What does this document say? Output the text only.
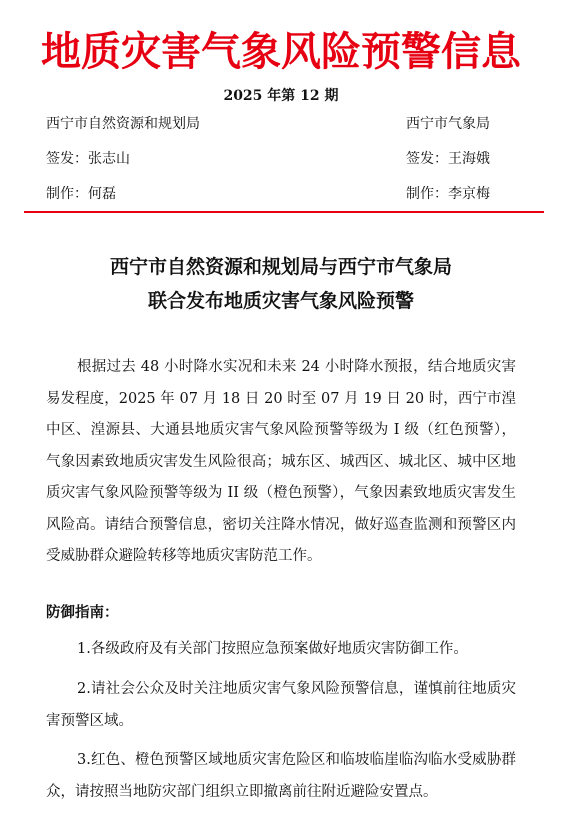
地质灾害气象风险预警信息
2025 年第 12 期
西宁市自然资源和规划局	西宁市气象局
签发：张志山	签发：王海娥
制作：何磊	制作：李京梅
西宁市自然资源和规划局与西宁市气象局
联合发布地质灾害气象风险预警
根据过去 48 小时降水实况和未来 24 小时降水预报，结合地质灾害易发程度，2025 年 07 月 18 日 20 时至 07 月 19 日 20 时，西宁市湟中区、湟源县、大通县地质灾害气象风险预警等级为 I 级（红色预警），气象因素致地质灾害发生风险很高；城东区、城西区、城北区、城中区地质灾害气象风险预警等级为 II 级（橙色预警），气象因素致地质灾害发生风险高。请结合预警信息，密切关注降水情况，做好巡查监测和预警区内受威胁群众避险转移等地质灾害防范工作。
防御指南：
1.各级政府及有关部门按照应急预案做好地质灾害防御工作。
2.请社会公众及时关注地质灾害气象风险预警信息，谨慎前往地质灾害预警区域。
3.红色、橙色预警区域地质灾害危险区和临坡临崖临沟临水受威胁群众，请按照当地防灾部门组织立即撤离前往附近避险安置点。
